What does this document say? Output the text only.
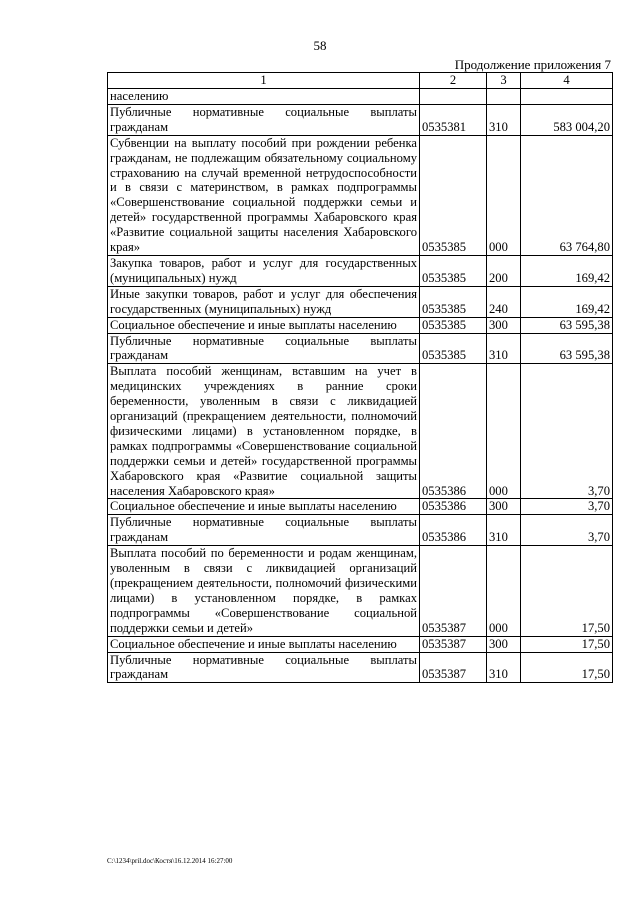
58
Продолжение приложения 7
1	2	3	4
населению			
Публичные нормативные социальные выплаты гражданам	0535381	310	583 004,20
Субвенции на выплату пособий при рождении ребенка гражданам, не подлежащим обязательному социальному страхованию на случай временной нетрудоспособности и в связи с материнством, в рамках подпрограммы «Совершенствование социальной поддержки семьи и детей» государственной программы Хабаровского края «Развитие социальной защиты населения Хабаровского края»	0535385	000	63 764,80
Закупка товаров, работ и услуг для государственных (муниципальных) нужд	0535385	200	169,42
Иные закупки товаров, работ и услуг для обеспечения государственных (муниципальных) нужд	0535385	240	169,42
Социальное обеспечение и иные выплаты населению	0535385	300	63 595,38
Публичные нормативные социальные выплаты гражданам	0535385	310	63 595,38
Выплата пособий женщинам, вставшим на учет в медицинских учреждениях в ранние сроки беременности, уволенным в связи с ликвидацией организаций (прекращением деятельности, полномочий физическими лицами) в установленном порядке, в рамках подпрограммы «Совершенствование социальной поддержки семьи и детей» государственной программы Хабаровского края «Развитие социальной защиты населения Хабаровского края»	0535386	000	3,70
Социальное обеспечение и иные выплаты населению	0535386	300	3,70
Публичные нормативные социальные выплаты гражданам	0535386	310	3,70
Выплата пособий по беременности и родам женщинам, уволенным в связи с ликвидацией организаций (прекращением деятельности, полномочий физическими лицами) в установленном порядке, в рамках подпрограммы «Совершенствование социальной поддержки семьи и детей»	0535387	000	17,50
Социальное обеспечение и иные выплаты населению	0535387	300	17,50
Публичные нормативные социальные выплаты гражданам	0535387	310	17,50
C:\1234\pril.doc\Костя\16.12.2014 16:27:00
